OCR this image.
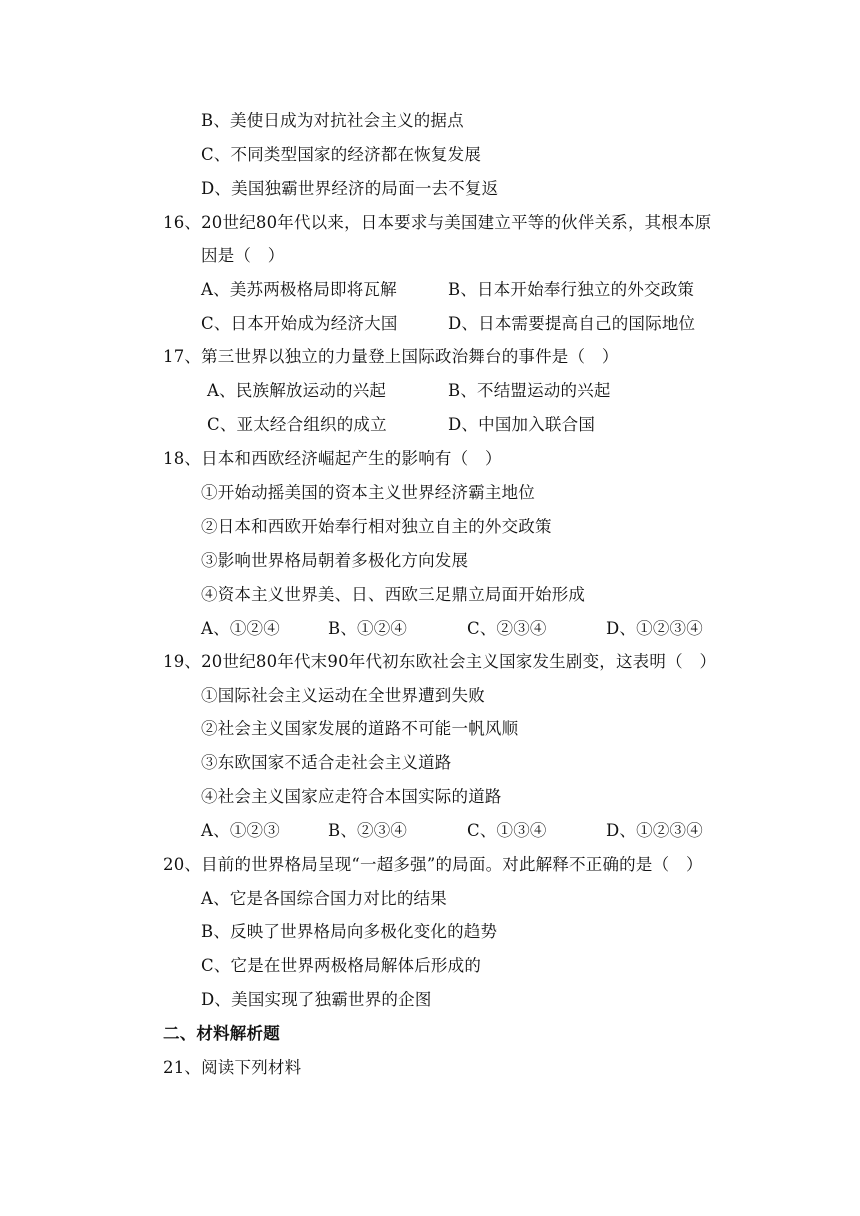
B、美使日成为对抗社会主义的据点
C、不同类型国家的经济都在恢复发展
D、美国独霸世界经济的局面一去不复返
16、20世纪80年代以来，日本要求与美国建立平等的伙伴关系，其根本原
因是（　）
A、美苏两极格局即将瓦解	B、日本开始奉行独立的外交政策
C、日本开始成为经济大国	D、日本需要提高自己的国际地位
17、第三世界以独立的力量登上国际政治舞台的事件是（　）
A、民族解放运动的兴起	B、不结盟运动的兴起
C、亚太经合组织的成立	D、中国加入联合国
18、日本和西欧经济崛起产生的影响有（　）
①开始动摇美国的资本主义世界经济霸主地位
②日本和西欧开始奉行相对独立自主的外交政策
③影响世界格局朝着多极化方向发展
④资本主义世界美、日、西欧三足鼎立局面开始形成
A、①②④	B、①②④	C、②③④	D、①②③④
19、20世纪80年代末90年代初东欧社会主义国家发生剧变，这表明（　）
①国际社会主义运动在全世界遭到失败
②社会主义国家发展的道路不可能一帆风顺
③东欧国家不适合走社会主义道路
④社会主义国家应走符合本国实际的道路
A、①②③	B、②③④	C、①③④	D、①②③④
20、目前的世界格局呈现“一超多强”的局面。对此解释不正确的是（　）
A、它是各国综合国力对比的结果
B、反映了世界格局向多极化变化的趋势
C、它是在世界两极格局解体后形成的
D、美国实现了独霸世界的企图
二、材料解析题
21、阅读下列材料
